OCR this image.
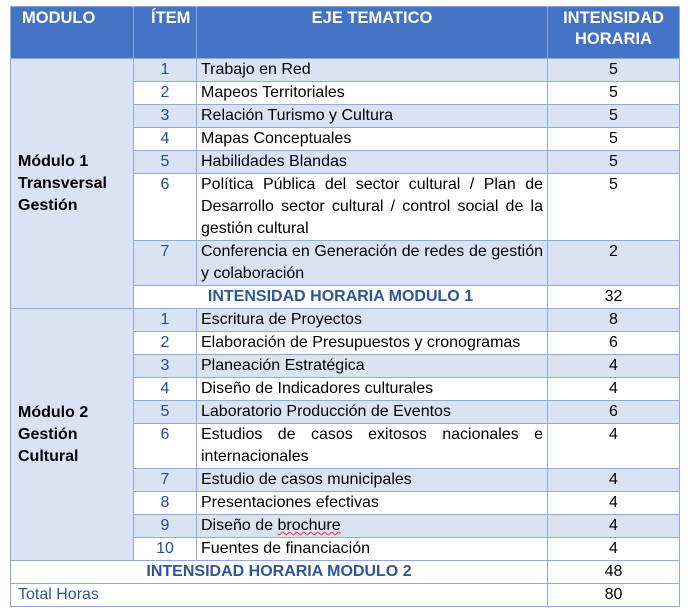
MODULO	ÍTEM	EJE TEMATICO	INTENSIDAD
HORARIA
Módulo 1
Transversal
Gestión	1	Trabajo en Red	5
	2	Mapeos Territoriales	5
	3	Relación Turismo y Cultura	5
	4	Mapas Conceptuales	5
	5	Habilidades Blandas	5
	6	Política Pública del sector cultural / Plan de Desarrollo sector cultural / control social de la gestión cultural	5
	7	Conferencia en Generación de redes de gestión y colaboración	2
	INTENSIDAD HORARIA MODULO 1		32
Módulo 2
Gestión
Cultural	1	Escritura de Proyectos	8
	2	Elaboración de Presupuestos y cronogramas	6
	3	Planeación Estratégica	4
	4	Diseño de Indicadores culturales	4
	5	Laboratorio Producción de Eventos	6
	6	Estudios de casos exitosos nacionales e internacionales	4
	7	Estudio de casos municipales	4
	8	Presentaciones efectivas	4
	9	Diseño de brochure	4
	10	Fuentes de financiación	4
INTENSIDAD HORARIA MODULO 2			48
Total Horas			80
